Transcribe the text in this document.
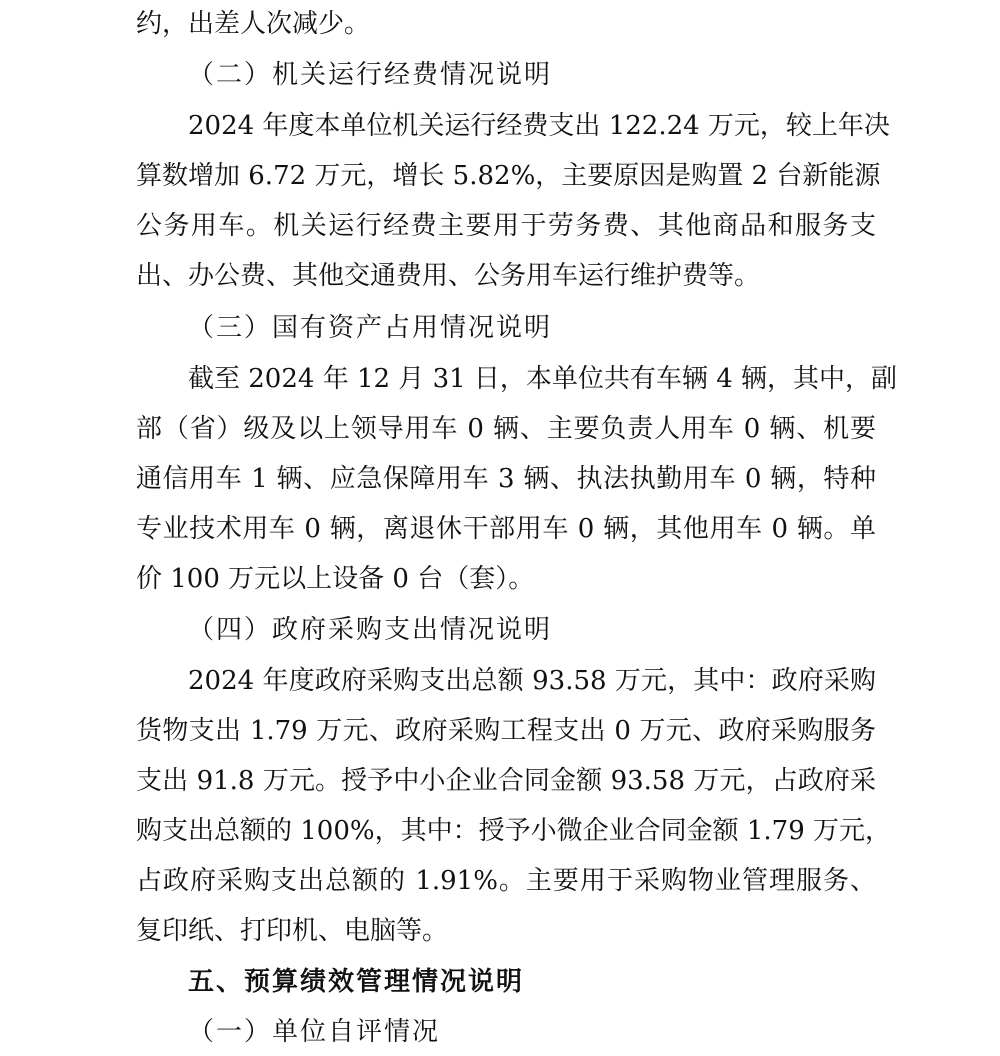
约，出差人次减少。
（二）机关运行经费情况说明
2024 年度本单位机关运行经费支出 122.24 万元，较上年决
算数增加 6.72 万元，增长 5.82%，主要原因是购置 2 台新能源
公务用车。机关运行经费主要用于劳务费、其他商品和服务支
出、办公费、其他交通费用、公务用车运行维护费等。
（三）国有资产占用情况说明
截至 2024 年 12 月 31 日，本单位共有车辆 4 辆，其中，副
部（省）级及以上领导用车 0 辆、主要负责人用车 0 辆、机要
通信用车 1 辆、应急保障用车 3 辆、执法执勤用车 0 辆，特种
专业技术用车 0 辆，离退休干部用车 0 辆，其他用车 0 辆。单
价 100 万元以上设备 0 台（套）。
（四）政府采购支出情况说明
2024 年度政府采购支出总额 93.58 万元，其中：政府采购
货物支出 1.79 万元、政府采购工程支出 0 万元、政府采购服务
支出 91.8 万元。授予中小企业合同金额 93.58 万元，占政府采
购支出总额的 100%，其中：授予小微企业合同金额 1.79 万元，
占政府采购支出总额的 1.91%。主要用于采购物业管理服务、
复印纸、打印机、电脑等。
五、预算绩效管理情况说明
（一）单位自评情况
